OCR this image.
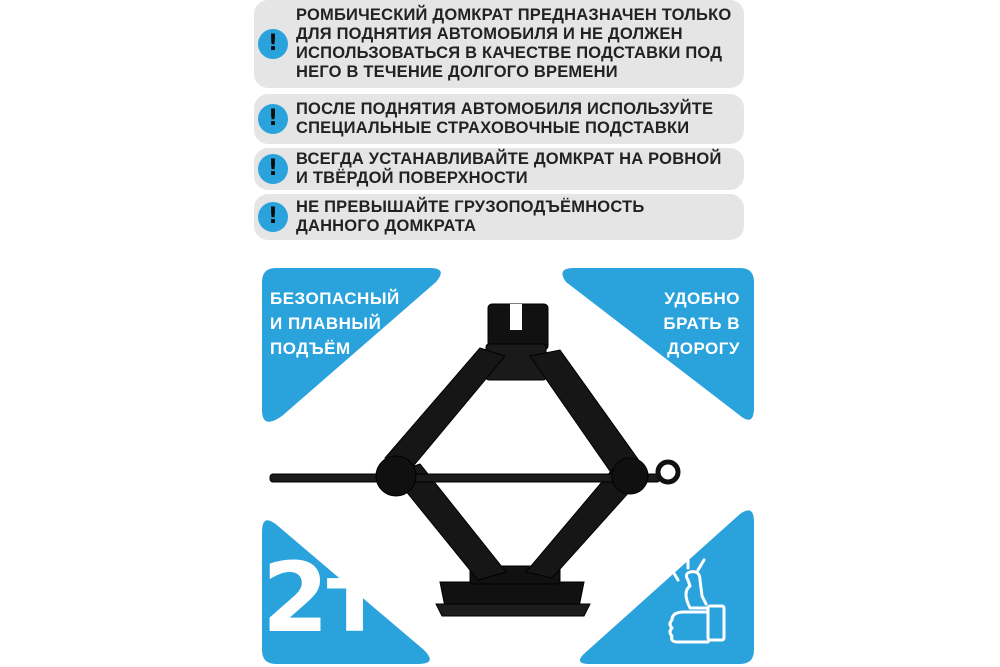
!
РОМБИЧЕСКИЙ ДОМКРАТ ПРЕДНАЗНАЧЕН ТОЛЬКО
ДЛЯ ПОДНЯТИЯ АВТОМОБИЛЯ И НЕ ДОЛЖЕН
ИСПОЛЬЗОВАТЬСЯ В КАЧЕСТВЕ ПОДСТАВКИ ПОД
НЕГО В ТЕЧЕНИЕ ДОЛГОГО ВРЕМЕНИ
!	ПОСЛЕ ПОДНЯТИЯ АВТОМОБИЛЯ ИСПОЛЬЗУЙТЕ
СПЕЦИАЛЬНЫЕ СТРАХОВОЧНЫЕ ПОДСТАВКИ
!	ВСЕГДА УСТАНАВЛИВАЙТЕ ДОМКРАТ НА РОВНОЙ
И ТВЁРДОЙ ПОВЕРХНОСТИ
!	НЕ ПРЕВЫШАЙТЕ ГРУЗОПОДЪЁМНОСТЬ
ДАННОГО ДОМКРАТА
БЕЗОПАСНЫЙ
И ПЛАВНЫЙ
ПОДЪЁМ
УДОБНО
БРАТЬ В
ДОРОГУ
2т
